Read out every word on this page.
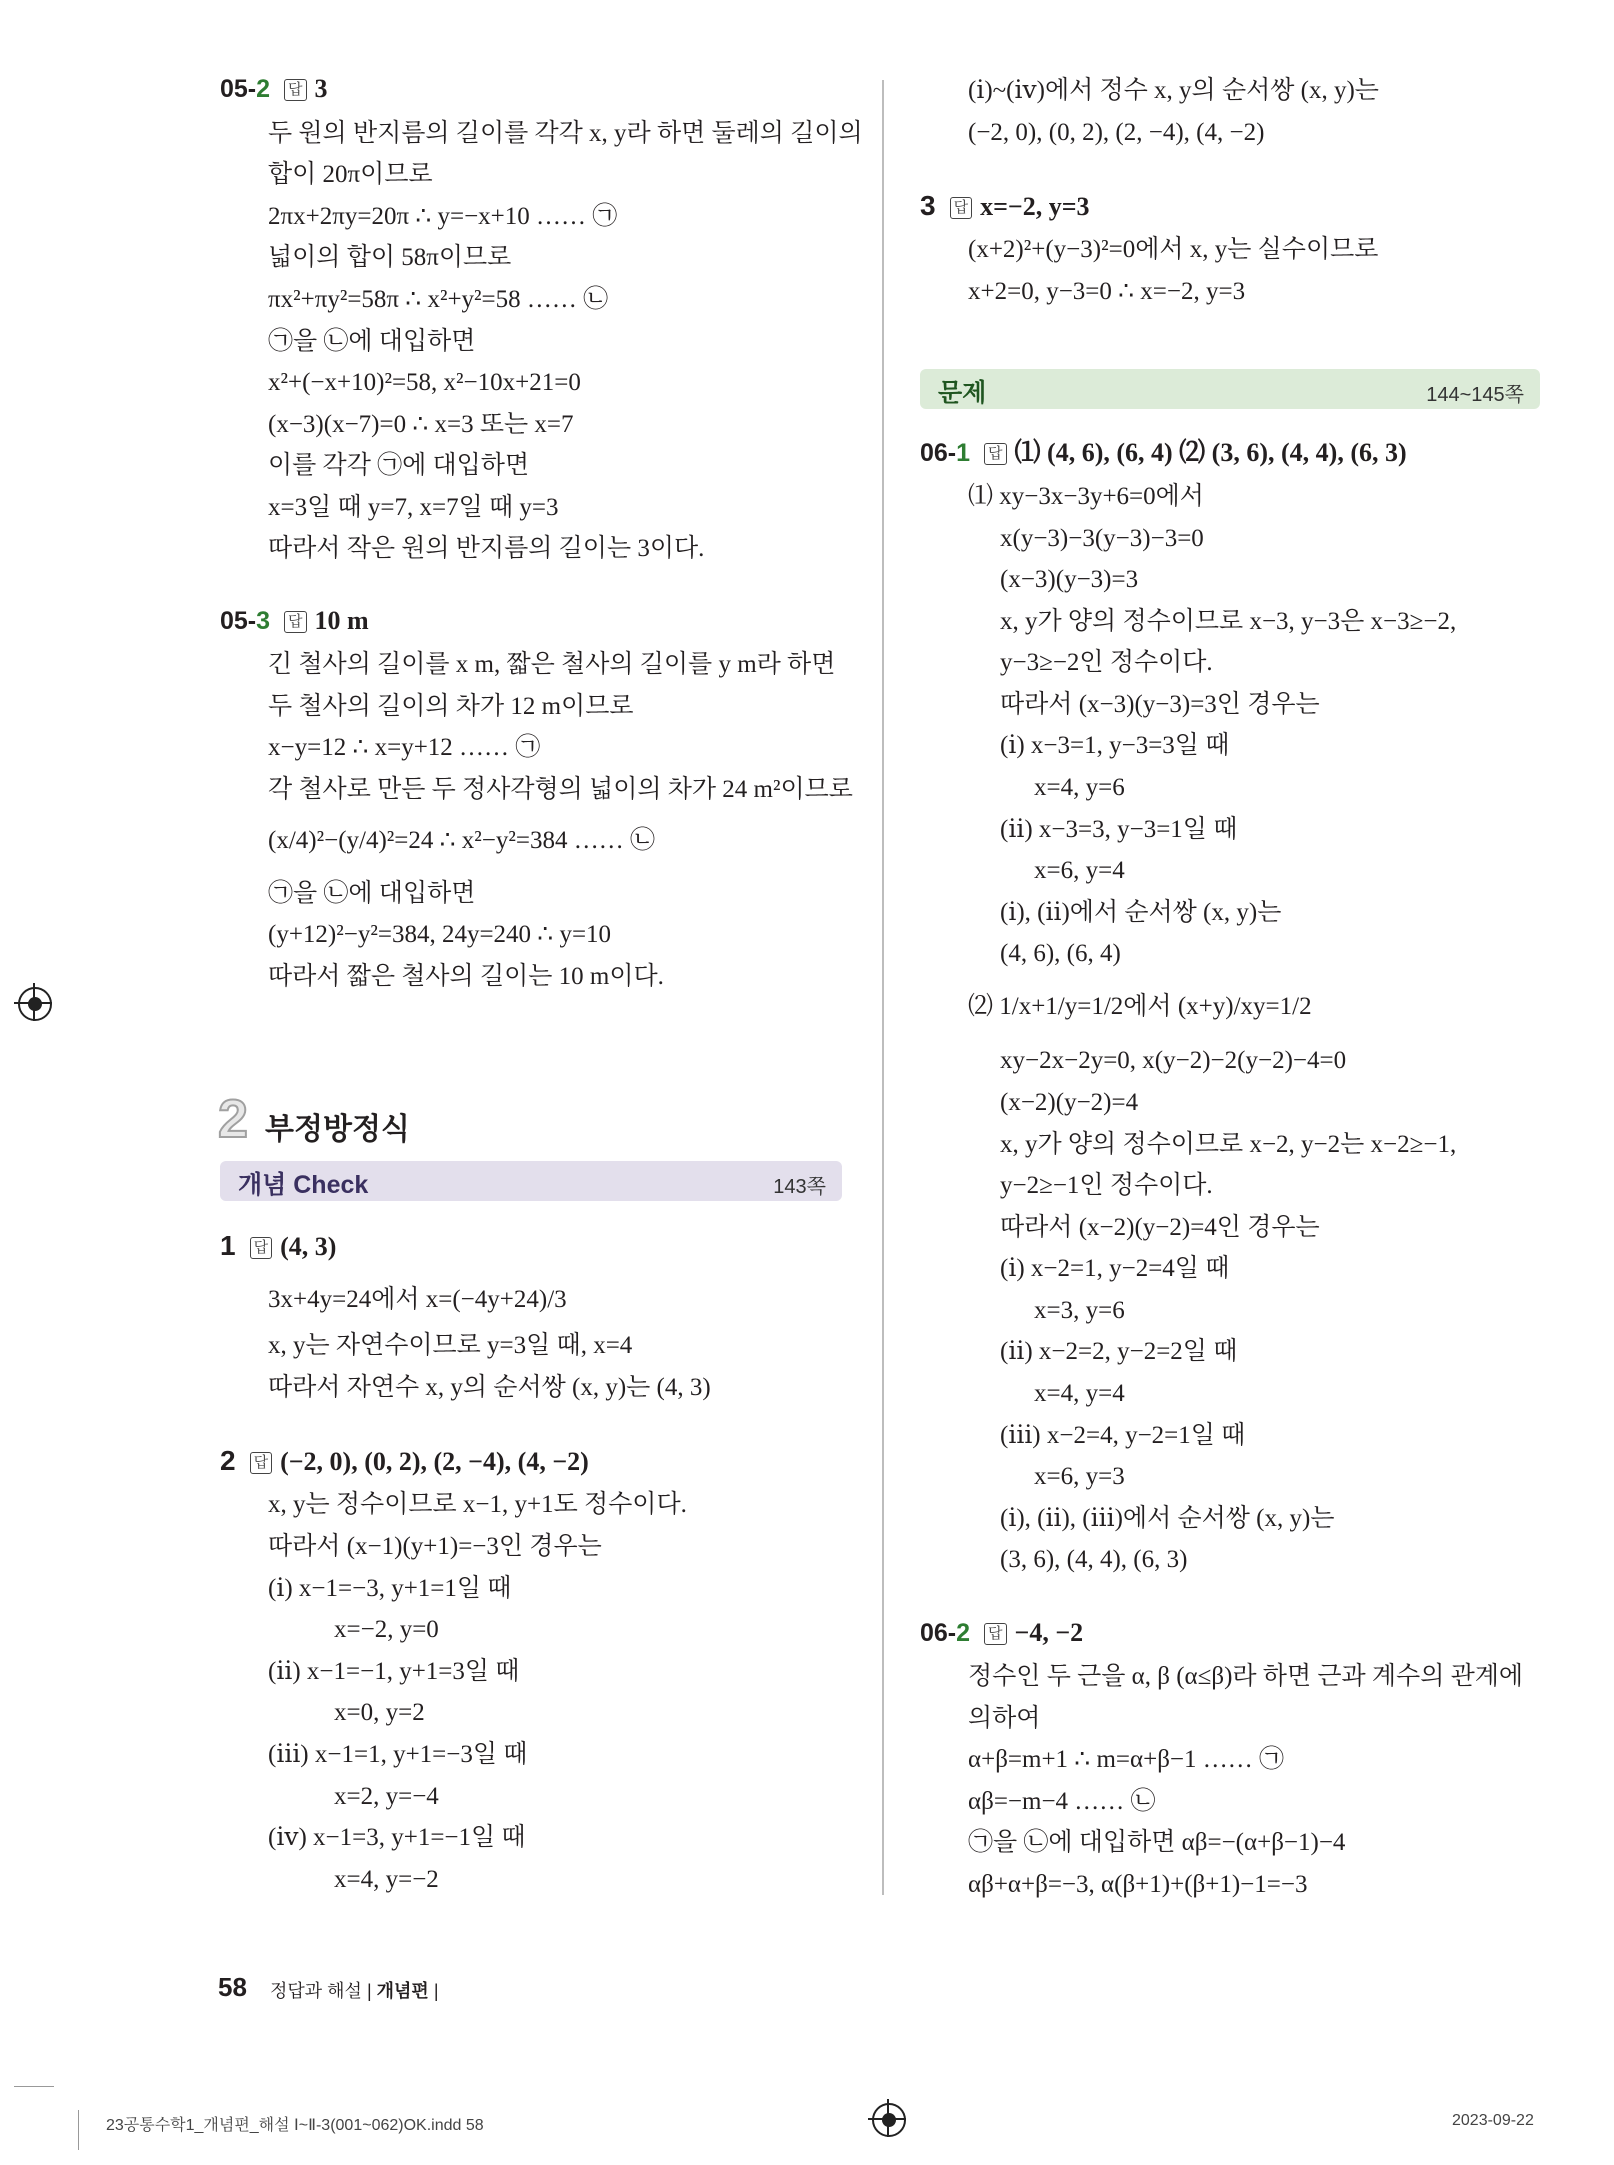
05-2 답 3
두 원의 반지름의 길이를 각각 x, y라 하면 둘레의 길이의
합이 20π이므로
2πx+2πy=20π ∴ y=−x+10 …… ㉠
넓이의 합이 58π이므로
πx²+πy²=58π ∴ x²+y²=58 …… ㉡
㉠을 ㉡에 대입하면
x²+(−x+10)²=58, x²−10x+21=0
(x−3)(x−7)=0 ∴ x=3 또는 x=7
이를 각각 ㉠에 대입하면
x=3일 때 y=7, x=7일 때 y=3
따라서 작은 원의 반지름의 길이는 3이다.
05-3 답 10 m
긴 철사의 길이를 x m, 짧은 철사의 길이를 y m라 하면
두 철사의 길이의 차가 12 m이므로
x−y=12 ∴ x=y+12 …… ㉠
각 철사로 만든 두 정사각형의 넓이의 차가 24 m²이므로
(x/4)²−(y/4)²=24 ∴ x²−y²=384 …… ㉡
㉠을 ㉡에 대입하면
(y+12)²−y²=384, 24y=240 ∴ y=10
따라서 짧은 철사의 길이는 10 m이다.
1 답 (4, 3)
3x+4y=24에서 x=(−4y+24)/3
x, y는 자연수이므로 y=3일 때, x=4
따라서 자연수 x, y의 순서쌍 (x, y)는 (4, 3)
2 답 (−2, 0), (0, 2), (2, −4), (4, −2)
x, y는 정수이므로 x−1, y+1도 정수이다.
따라서 (x−1)(y+1)=−3인 경우는
(ⅰ) x−1=−3, y+1=1일 때
x=−2, y=0
(ⅱ) x−1=−1, y+1=3일 때
x=0, y=2
(ⅲ) x−1=1, y+1=−3일 때
x=2, y=−4
(ⅳ) x−1=3, y+1=−1일 때
x=4, y=−2
(ⅰ)~(ⅳ)에서 정수 x, y의 순서쌍 (x, y)는
(−2, 0), (0, 2), (2, −4), (4, −2)
3 답 x=−2, y=3
(x+2)²+(y−3)²=0에서 x, y는 실수이므로
x+2=0, y−3=0 ∴ x=−2, y=3
06-1 답 ⑴ (4, 6), (6, 4) ⑵ (3, 6), (4, 4), (6, 3)
⑴ xy−3x−3y+6=0에서
x(y−3)−3(y−3)−3=0
(x−3)(y−3)=3
x, y가 양의 정수이므로 x−3, y−3은 x−3≥−2,
y−3≥−2인 정수이다.
따라서 (x−3)(y−3)=3인 경우는
(ⅰ) x−3=1, y−3=3일 때
x=4, y=6
(ⅱ) x−3=3, y−3=1일 때
x=6, y=4
(ⅰ), (ⅱ)에서 순서쌍 (x, y)는
(4, 6), (6, 4)
⑵ 1/x+1/y=1/2에서 (x+y)/xy=1/2
xy−2x−2y=0, x(y−2)−2(y−2)−4=0
(x−2)(y−2)=4
x, y가 양의 정수이므로 x−2, y−2는 x−2≥−1,
y−2≥−1인 정수이다.
따라서 (x−2)(y−2)=4인 경우는
(ⅰ) x−2=1, y−2=4일 때
x=3, y=6
(ⅱ) x−2=2, y−2=2일 때
x=4, y=4
(ⅲ) x−2=4, y−2=1일 때
x=6, y=3
(ⅰ), (ⅱ), (ⅲ)에서 순서쌍 (x, y)는
(3, 6), (4, 4), (6, 3)
06-2 답 −4, −2
정수인 두 근을 α, β (α≤β)라 하면 근과 계수의 관계에
의하여
α+β=m+1 ∴ m=α+β−1 …… ㉠
αβ=−m−4 …… ㉡
㉠을 ㉡에 대입하면 αβ=−(α+β−1)−4
αβ+α+β=−3, α(β+1)+(β+1)−1=−3
2 부정방정식
개념 Check	143쪽
문제	144~145쪽
58 정답과 해설 | 개념편 |
23공통수학1_개념편_해설 Ⅰ~Ⅱ-3(001~062)OK.indd 58	2023-09-22
